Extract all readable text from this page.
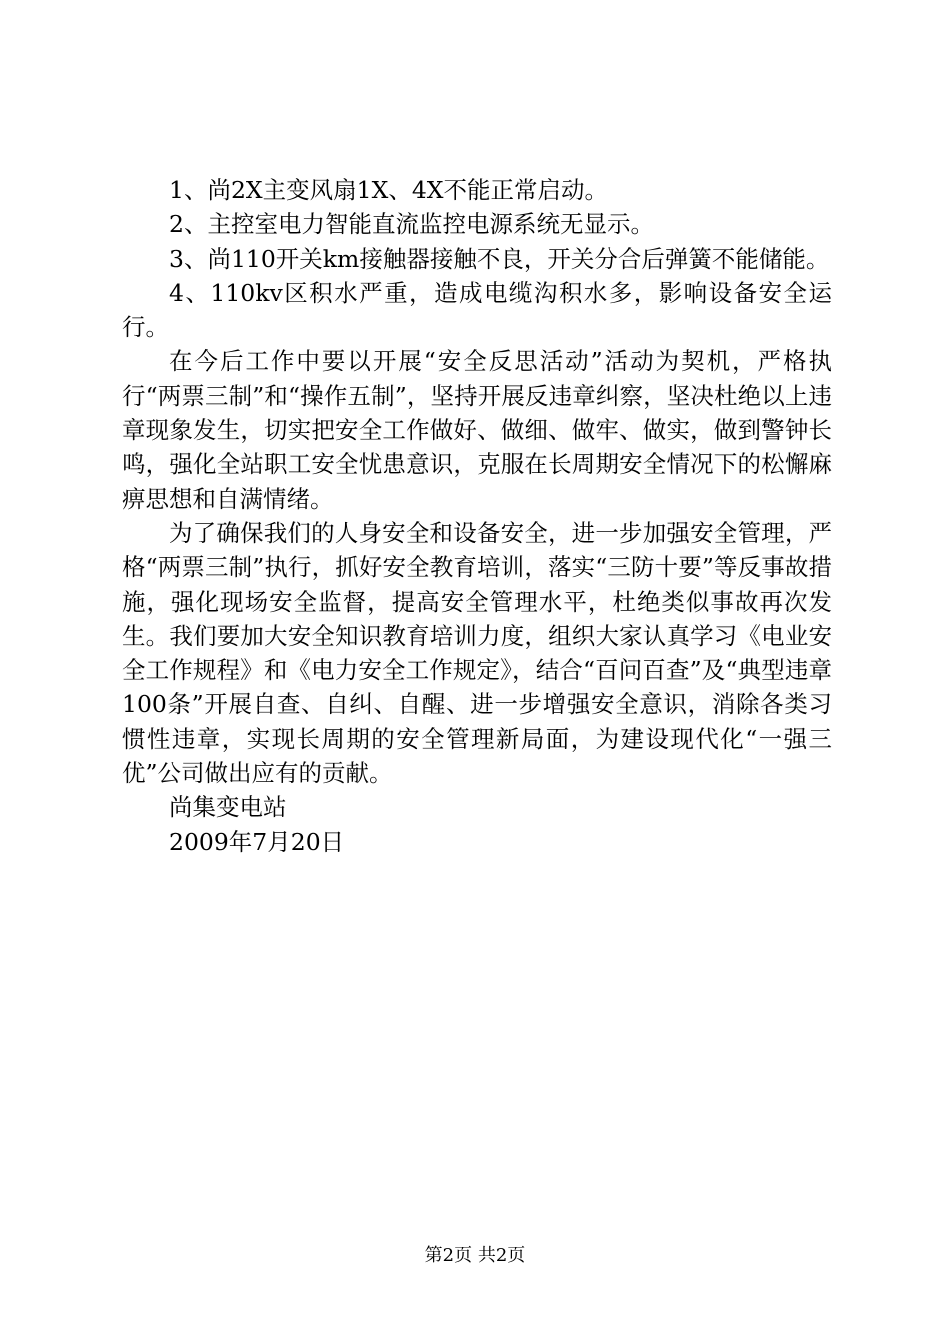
1、尚2X主变风扇1X、4X不能正常启动。

2、主控室电力智能直流监控电源系统无显示。

3、尚110开关km接触器接触不良，开关分合后弹簧不能储能。

4、110kv区积水严重，造成电缆沟积水多，影响设备安全运行。

在今后工作中要以开展“安全反思活动”活动为契机，严格执行“两票三制”和“操作五制”，坚持开展反违章纠察，坚决杜绝以上违章现象发生，切实把安全工作做好、做细、做牢、做实，做到警钟长鸣，强化全站职工安全忧患意识，克服在长周期安全情况下的松懈麻痹思想和自满情绪。

为了确保我们的人身安全和设备安全，进一步加强安全管理，严格“两票三制”执行，抓好安全教育培训，落实“三防十要”等反事故措施，强化现场安全监督，提高安全管理水平，杜绝类似事故再次发生。我们要加大安全知识教育培训力度，组织大家认真学习《电业安全工作规程》和《电力安全工作规定》，结合“百问百查”及“典型违章100条”开展自查、自纠、自醒、进一步增强安全意识，消除各类习惯性违章，实现长周期的安全管理新局面，为建设现代化“一强三优”公司做出应有的贡献。

尚集变电站

2009年7月20日

第2页 共2页
